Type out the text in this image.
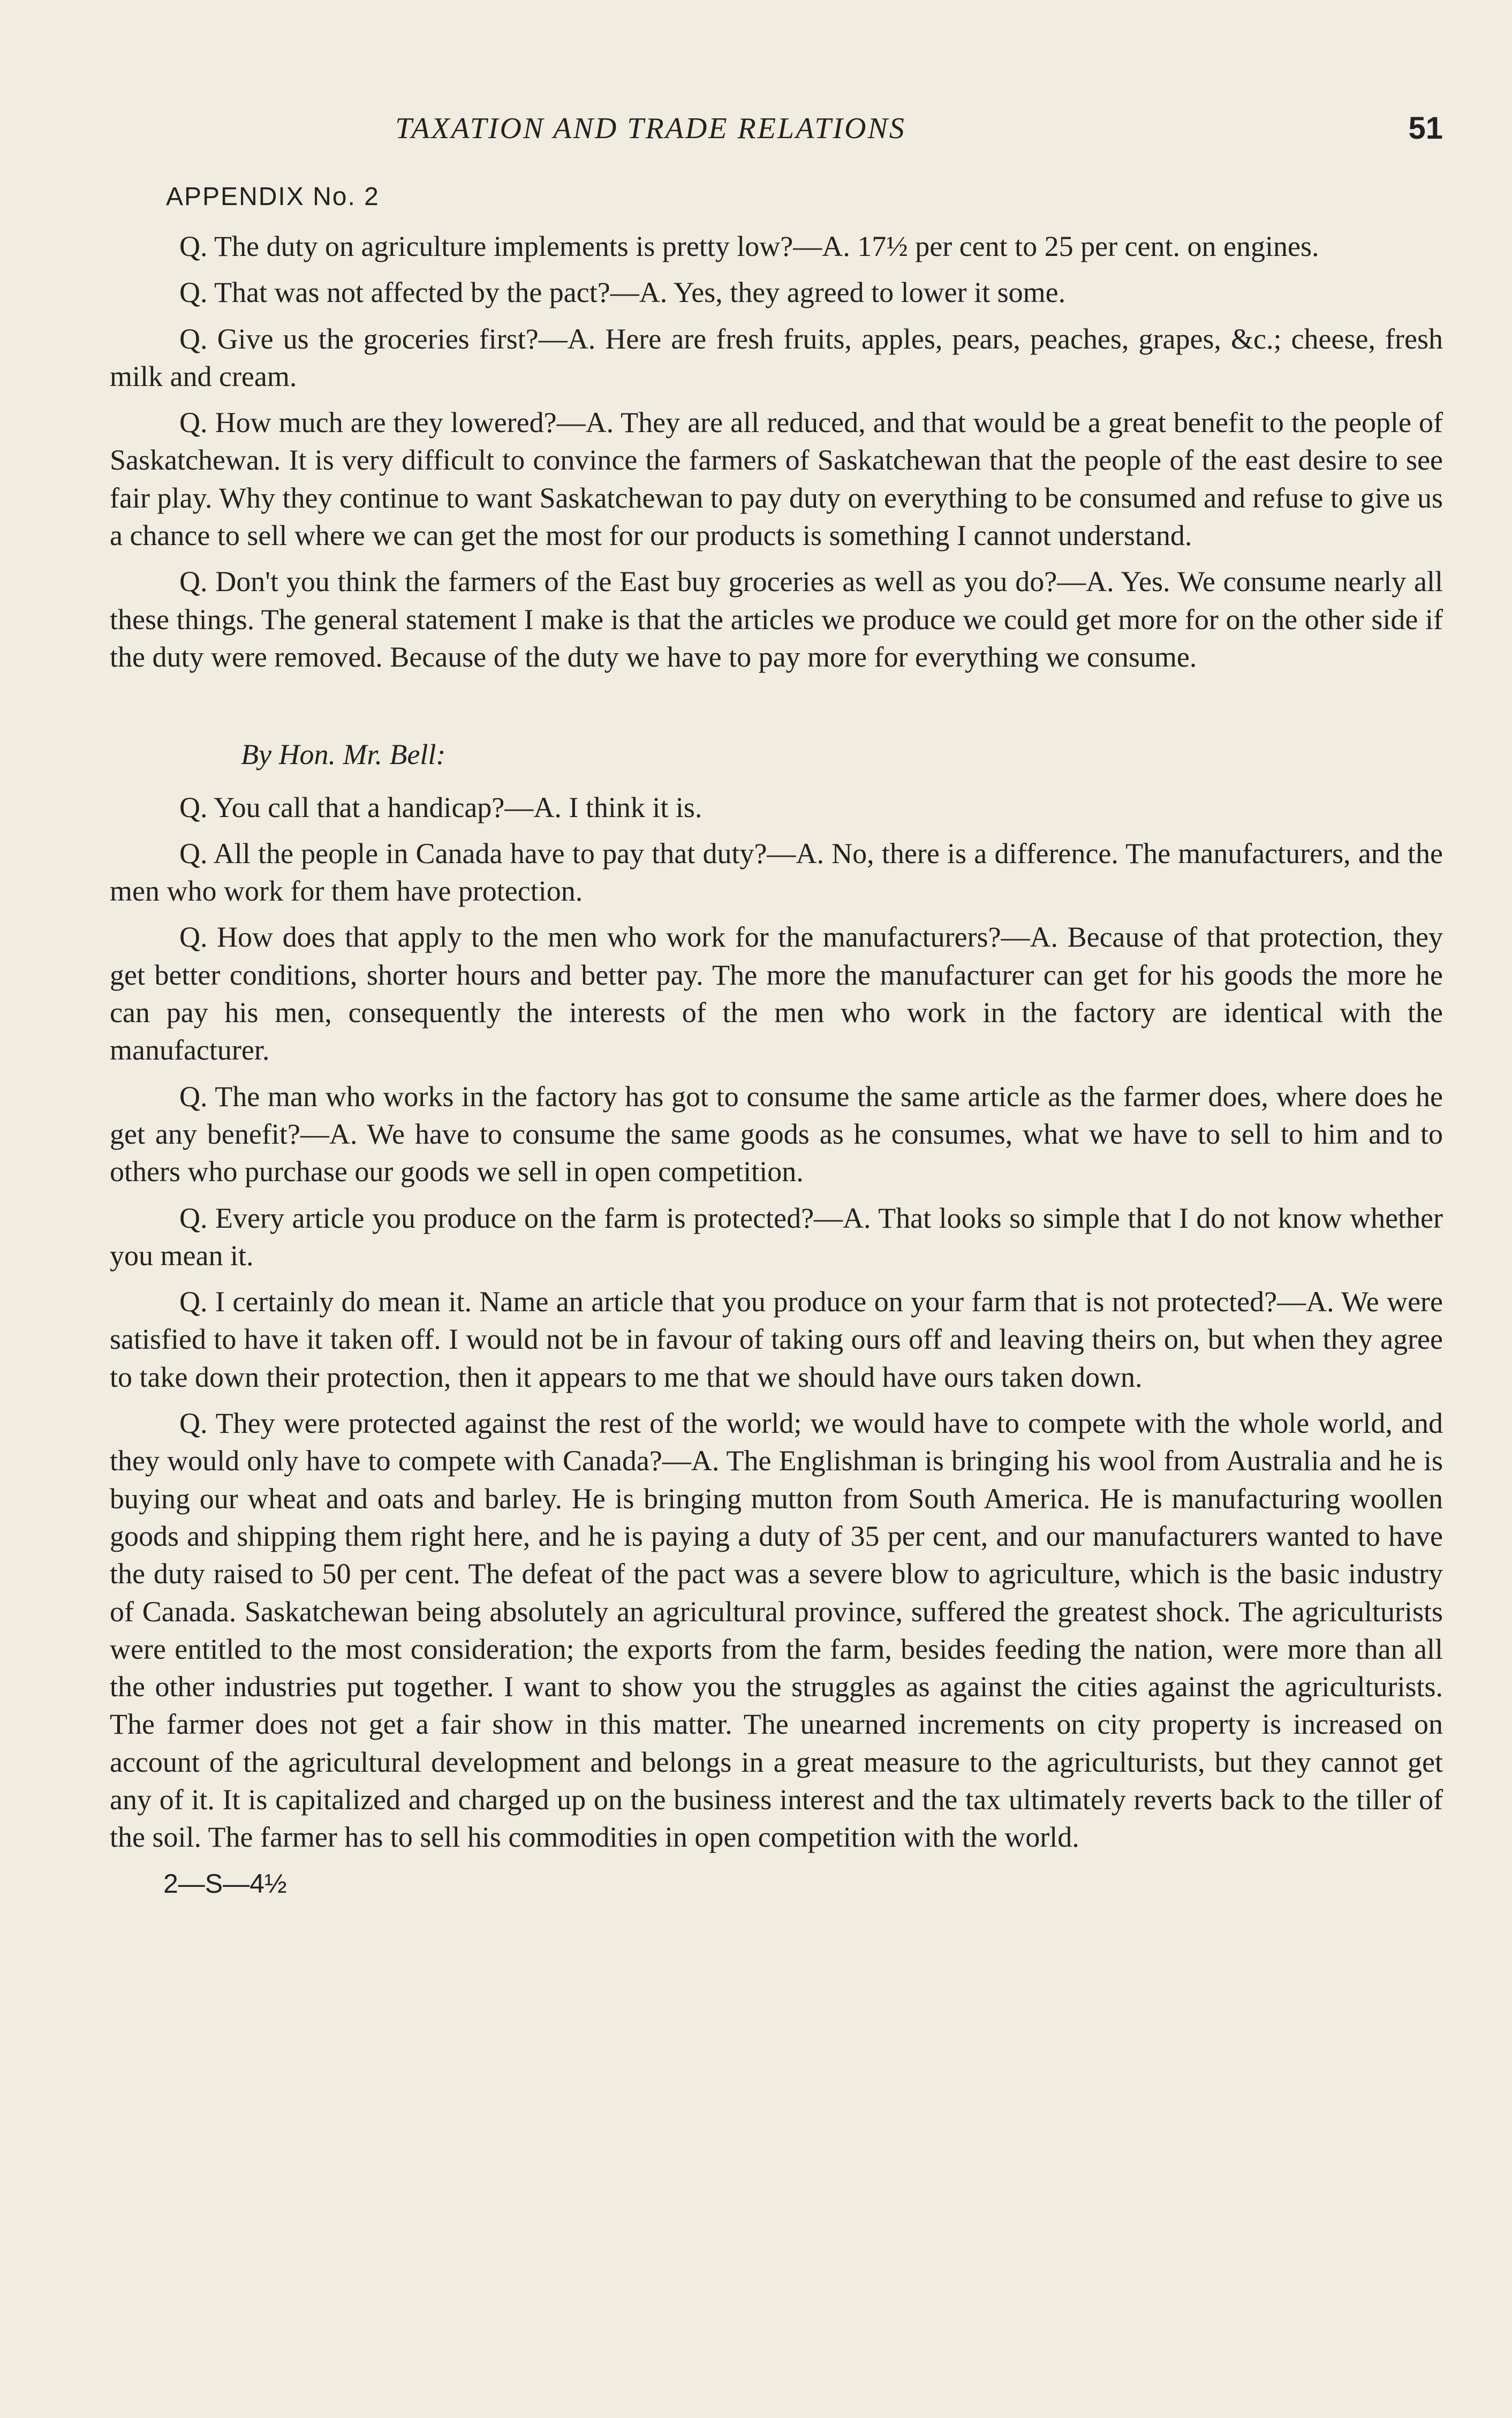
TAXATION AND TRADE RELATIONS	51
APPENDIX No. 2

Q. The duty on agriculture implements is pretty low?—A. 17½ per cent to 25 per cent. on engines.

Q. That was not affected by the pact?—A. Yes, they agreed to lower it some.

Q. Give us the groceries first?—A. Here are fresh fruits, apples, pears, peaches, grapes, &c.; cheese, fresh milk and cream.

Q. How much are they lowered?—A. They are all reduced, and that would be a great benefit to the people of Saskatchewan. It is very difficult to convince the farmers of Saskatchewan that the people of the east desire to see fair play. Why they continue to want Saskatchewan to pay duty on everything to be consumed and refuse to give us a chance to sell where we can get the most for our products is something I cannot understand.

Q. Don't you think the farmers of the East buy groceries as well as you do?—A. Yes. We consume nearly all these things. The general statement I make is that the articles we produce we could get more for on the other side if the duty were removed. Because of the duty we have to pay more for everything we consume.

By Hon. Mr. Bell:

Q. You call that a handicap?—A. I think it is.

Q. All the people in Canada have to pay that duty?—A. No, there is a difference. The manufacturers, and the men who work for them have protection.

Q. How does that apply to the men who work for the manufacturers?—A. Because of that protection, they get better conditions, shorter hours and better pay. The more the manufacturer can get for his goods the more he can pay his men, consequently the interests of the men who work in the factory are identical with the manufacturer.

Q. The man who works in the factory has got to consume the same article as the farmer does, where does he get any benefit?—A. We have to consume the same goods as he consumes, what we have to sell to him and to others who purchase our goods we sell in open competition.

Q. Every article you produce on the farm is protected?—A. That looks so simple that I do not know whether you mean it.

Q. I certainly do mean it. Name an article that you produce on your farm that is not protected?—A. We were satisfied to have it taken off. I would not be in favour of taking ours off and leaving theirs on, but when they agree to take down their protection, then it appears to me that we should have ours taken down.

Q. They were protected against the rest of the world; we would have to compete with the whole world, and they would only have to compete with Canada?—A. The Englishman is bringing his wool from Australia and he is buying our wheat and oats and barley. He is bringing mutton from South America. He is manufacturing woollen goods and shipping them right here, and he is paying a duty of 35 per cent, and our manufacturers wanted to have the duty raised to 50 per cent. The defeat of the pact was a severe blow to agriculture, which is the basic industry of Canada. Saskatchewan being absolutely an agricultural province, suffered the greatest shock. The agriculturists were entitled to the most consideration; the exports from the farm, besides feeding the nation, were more than all the other industries put together. I want to show you the struggles as against the cities against the agriculturists. The farmer does not get a fair show in this matter. The unearned increments on city property is increased on account of the agricultural development and belongs in a great measure to the agriculturists, but they cannot get any of it. It is capitalized and charged up on the business interest and the tax ultimately reverts back to the tiller of the soil. The farmer has to sell his commodities in open competition with the world.

2—S—4½
